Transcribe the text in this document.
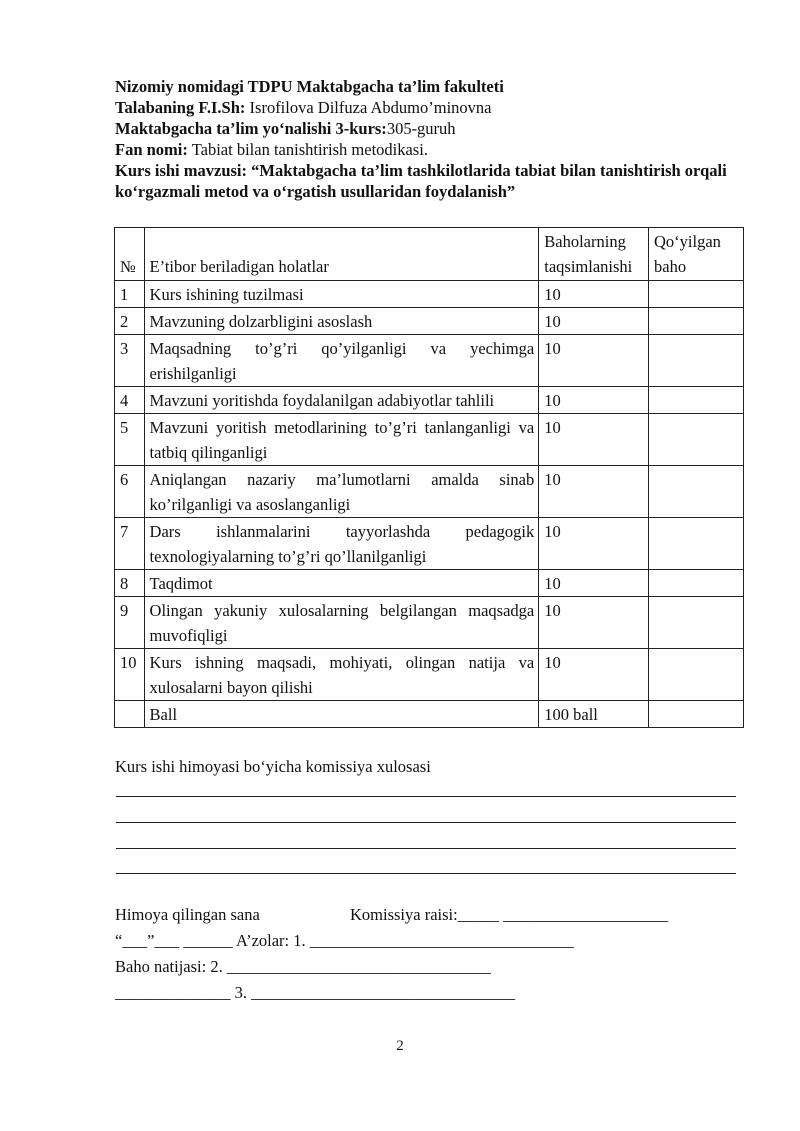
Nizomiy nomidagi TDPU Maktabgacha ta’lim fakulteti
Talabaning F.I.Sh: Isrofilova Dilfuza Abdumo’minovna
Maktabgacha ta’lim yo‘nalishi 3-kurs:305-guruh
Fan nomi: Tabiat bilan tanishtirish metodikasi.
Kurs ishi mavzusi: “Maktabgacha ta’lim tashkilotlarida tabiat bilan tanishtirish orqali ko‘rgazmali metod va o‘rgatish usullaridan foydalanish”
№	E’tibor beriladigan holatlar	Baholarning taqsimlanishi	Qo‘yilgan baho
1	Kurs ishining tuzilmasi	10	
2	Mavzuning dolzarbligini asoslash	10	
3	Maqsadning to’g’ri qo’yilganligi va yechimga erishilganligi	10	
4	Mavzuni yoritishda foydalanilgan adabiyotlar tahlili	10	
5	Mavzuni yoritish metodlarining to’g’ri tanlanganligi va tatbiq qilinganligi	10	
6	Aniqlangan nazariy ma’lumotlarni amalda sinab ko’rilganligi va asoslanganligi	10	
7	Dars ishlanmalarini tayyorlashda pedagogik texnologiyalarning to’g’ri qo’llanilganligi	10	
8	Taqdimot	10	
9	Olingan yakuniy xulosalarning belgilangan maqsadga muvofiqligi	10	
10	Kurs ishning maqsadi, mohiyati, olingan natija va xulosalarni bayon qilishi	10	
	Ball	100 ball	
Kurs ishi himoyasi bo‘yicha komissiya xulosasi
Himoya qilingan sana	Komissiya raisi:_____ ____________________
“___”___ ______ A’zolar: 1. ________________________________
Baho natijasi: 2. ________________________________
______________ 3. ________________________________
2
